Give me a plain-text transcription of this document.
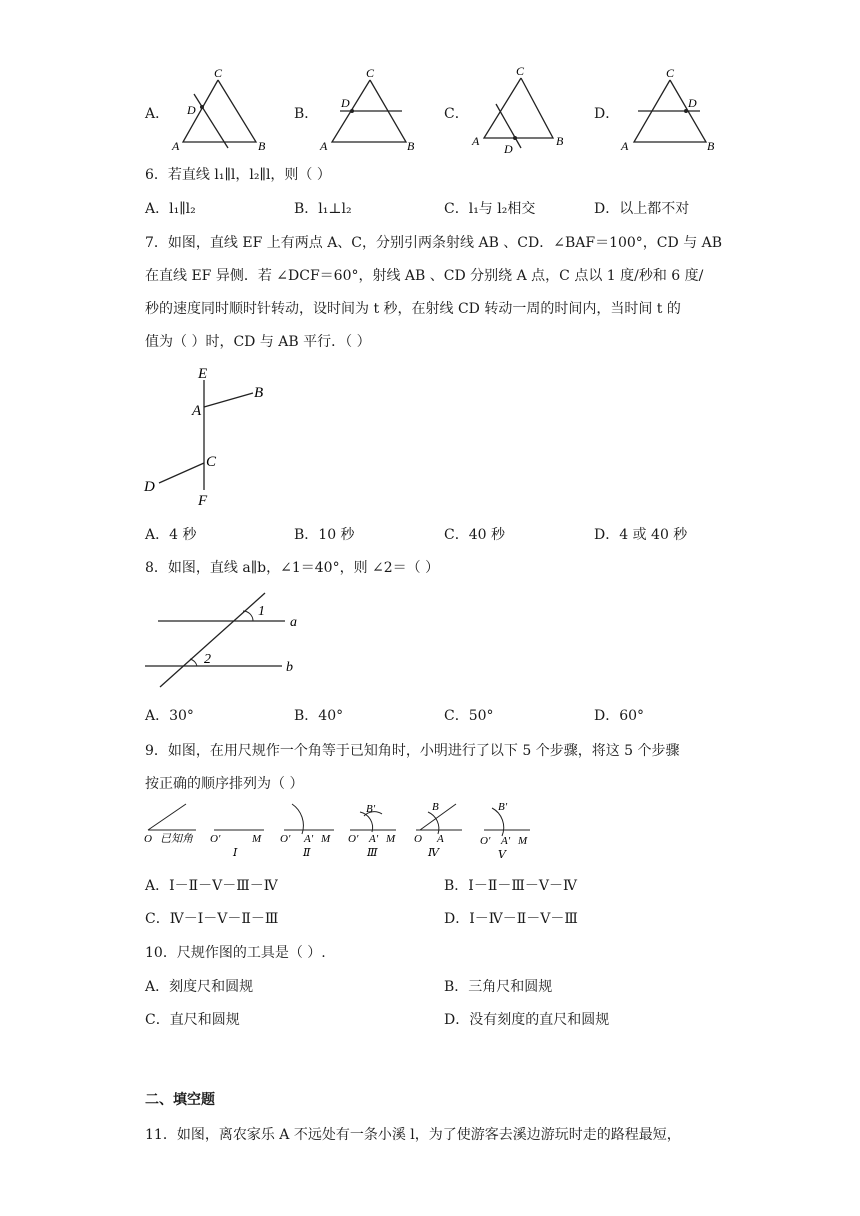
A．
C
D
A	B
B．
C
D
A	B
C．
C
A	B
D
D．
C
D
A	B
6．若直线 l₁∥l，l₂∥l，则（ ）
A．l₁∥l₂	B．l₁⊥l₂	C．l₁与 l₂相交	D．以上都不对
7．如图，直线 EF 上有两点 A、C，分别引两条射线 AB 、CD．∠BAF＝100°，CD 与 AB
在直线 EF 异侧．若 ∠DCF＝60°，射线 AB 、CD 分别绕 A 点，C 点以 1 度/秒和 6 度/
秒的速度同时顺时针转动，设时间为 t 秒，在射线 CD 转动一周的时间内，当时间 t 的
值为（ ）时，CD 与 AB 平行．（ ）
E
A
B
C
D
F
A．4 秒	B．10 秒	C．40 秒	D．4 或 40 秒
8．如图，直线 a∥b，∠1＝40°，则 ∠2＝（ ）
1
2
a
b
A．30°	B．40°	C．50°	D．60°
9．如图，在用尺规作一个角等于已知角时，小明进行了以下 5 个步骤，将这 5 个步骤
按正确的顺序排列为（ ）
O 已知角 O′	M
Ⅰ
O′ A′ M
Ⅱ
B′
O′ A′ M
Ⅲ
B
O A
Ⅳ
B′
O′ A′ M
Ⅴ
A．Ⅰ－Ⅱ－Ⅴ－Ⅲ－Ⅳ	B．Ⅰ－Ⅱ－Ⅲ－Ⅴ－Ⅳ
C．Ⅳ－Ⅰ－Ⅴ－Ⅱ－Ⅲ	D．Ⅰ－Ⅳ－Ⅱ－Ⅴ－Ⅲ
10．尺规作图的工具是（ ）.
A．刻度尺和圆规	B．三角尺和圆规
C．直尺和圆规	D．没有刻度的直尺和圆规
二、填空题
11．如图，离农家乐 A 不远处有一条小溪 l，为了使游客去溪边游玩时走的路程最短，
